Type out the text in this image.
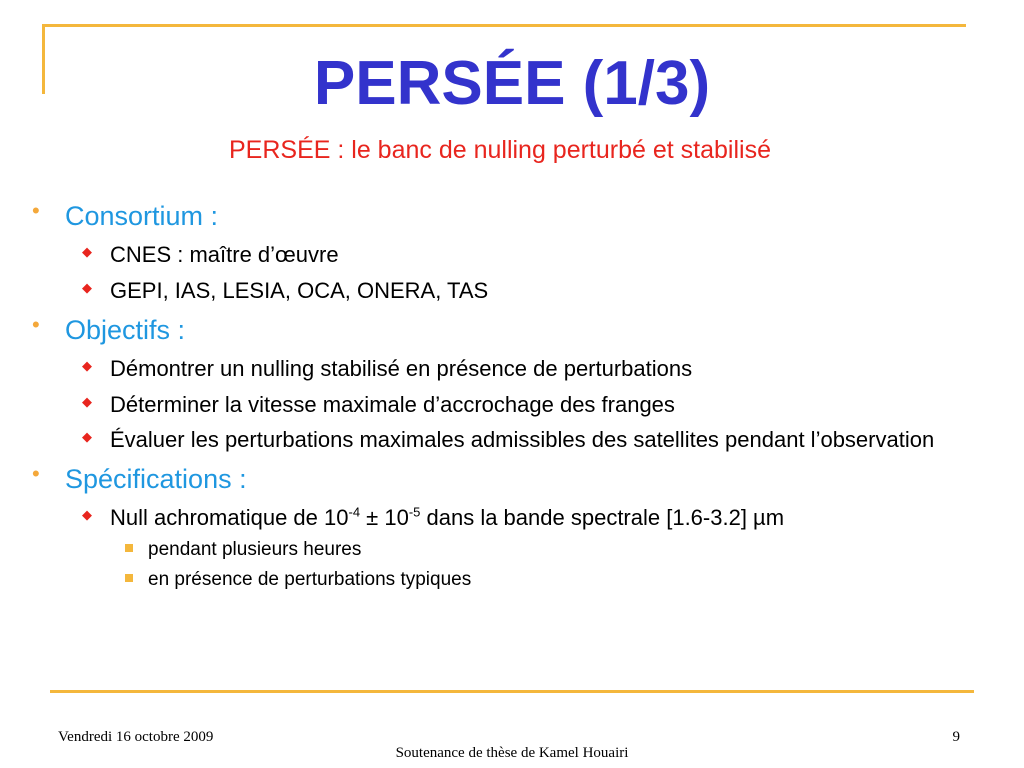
PERSÉE (1/3)
PERSÉE : le banc de nulling perturbé et stabilisé
• Consortium :
◆ CNES : maître d’œuvre
◆ GEPI, IAS, LESIA, OCA, ONERA, TAS
• Objectifs :
◆ Démontrer un nulling stabilisé en présence de perturbations
◆ Déterminer la vitesse maximale d’accrochage des franges
◆ Évaluer les perturbations maximales admissibles des satellites pendant l’observation
• Spécifications :
◆ Null achromatique de $10^{-4} \pm 10^{-5}$ dans la bande spectrale [1.6-3.2] µm
pendant plusieurs heures
en présence de perturbations typiques
Vendredi 16 octobre 2009	9
Soutenance de thèse de Kamel Houairi
